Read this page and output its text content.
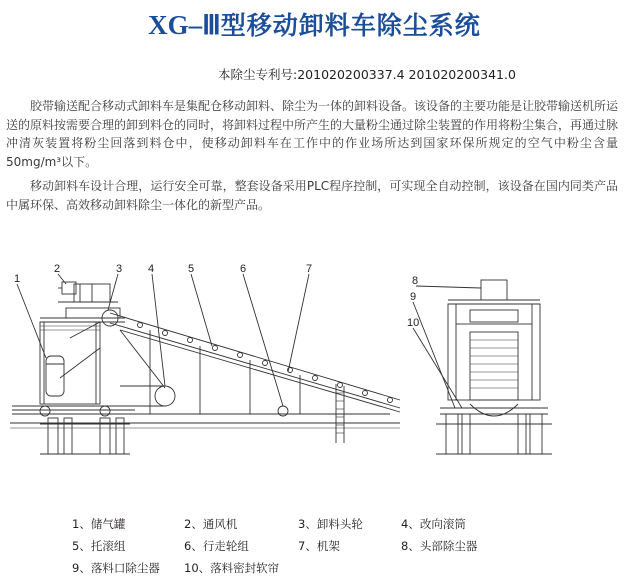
XG–Ⅲ型移动卸料车除尘系统
本除尘专利号:201020200337.4 201020200341.0

胶带输送配合移动式卸料车是集配仓移动卸料、除尘为一体的卸料设备。该设备的主要功能是让胶带输送机所运送的原料按需要合理的卸到料仓的同时，将卸料过程中所产生的大量粉尘通过除尘装置的作用将粉尘集合，再通过脉冲清灰装置将粉尘回落到料仓中，使移动卸料车在工作中的作业场所达到国家环保所规定的空气中粉尘含量50mg/m³以下。

移动卸料车设计合理，运行安全可靠，整套设备采用PLC程序控制，可实现全自动控制，该设备在国内同类产品中属环保、高效移动卸料除尘一体化的新型产品。

1
2	3 4	5	6	7
8
9
10
1、储气罐	2、通风机	3、卸料头轮	4、改向滚筒
5、托滚组	6、行走轮组	7、机架	8、头部除尘器
9、落料口除尘器 10、落料密封软帘
